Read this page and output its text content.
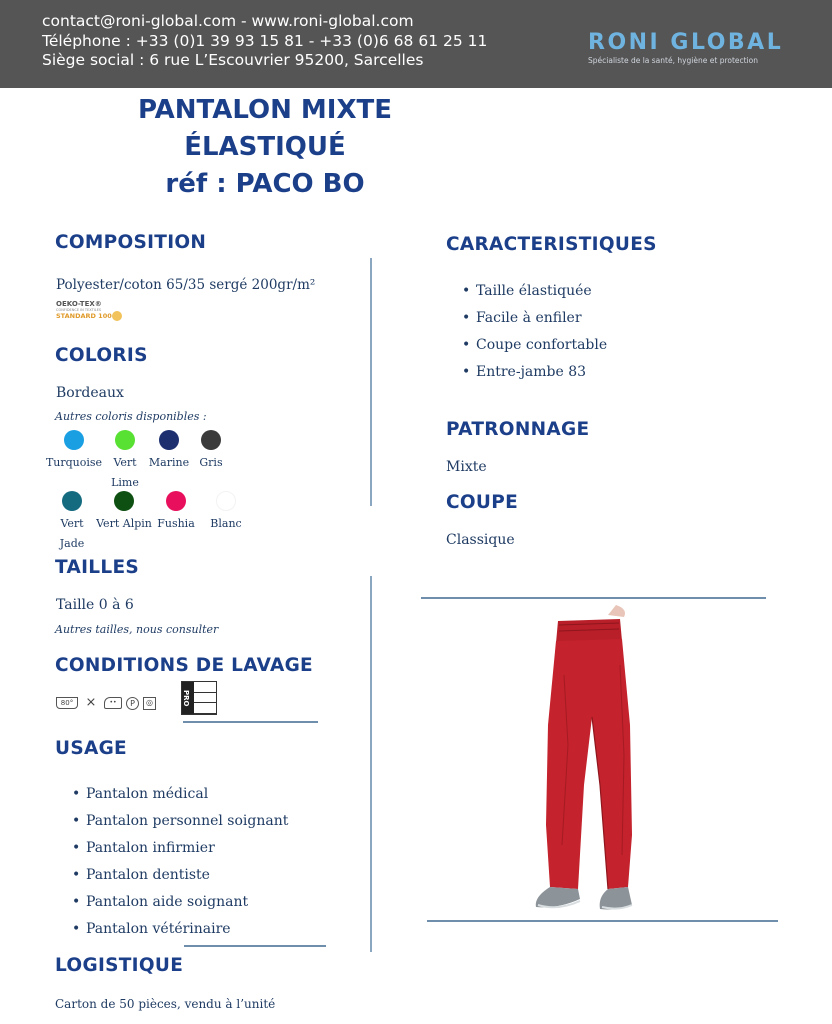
contact@roni-global.com - www.roni-global.com
Téléphone : +33 (0)1 39 93 15 81 - +33 (0)6 68 61 25 11
Siège social : 6 rue L’Escouvrier 95200, Sarcelles
RONI GLOBAL
Spécialiste de la santé, hygiène et protection
PANTALON MIXTE
ÉLASTIQUÉ
réf : PACO BO
COMPOSITION
Polyester/coton 65/35 sergé 200gr/m²
OEKO-TEX®
CONFIDENCE IN TEXTILES
STANDARD 100
COLORIS
Bordeaux
Autres coloris disponibles :
Turquoise	Vert Lime
Marine Gris
Vert Jade
Vert Alpin Fushia	Blanc
TAILLES
Taille 0 à 6
Autres tailles, nous consulter
CONDITIONS DE LAVAGE
80° ⨯	••	P	◎	PRO
USAGE
• Pantalon médical
• Pantalon personnel soignant
• Pantalon infirmier
• Pantalon dentiste
• Pantalon aide soignant
• Pantalon vétérinaire
LOGISTIQUE
Carton de 50 pièces, vendu à l’unité
CARACTERISTIQUES
• Taille élastiquée
• Facile à enfiler
• Coupe confortable
• Entre-jambe 83
PATRONNAGE
Mixte
COUPE
Classique
